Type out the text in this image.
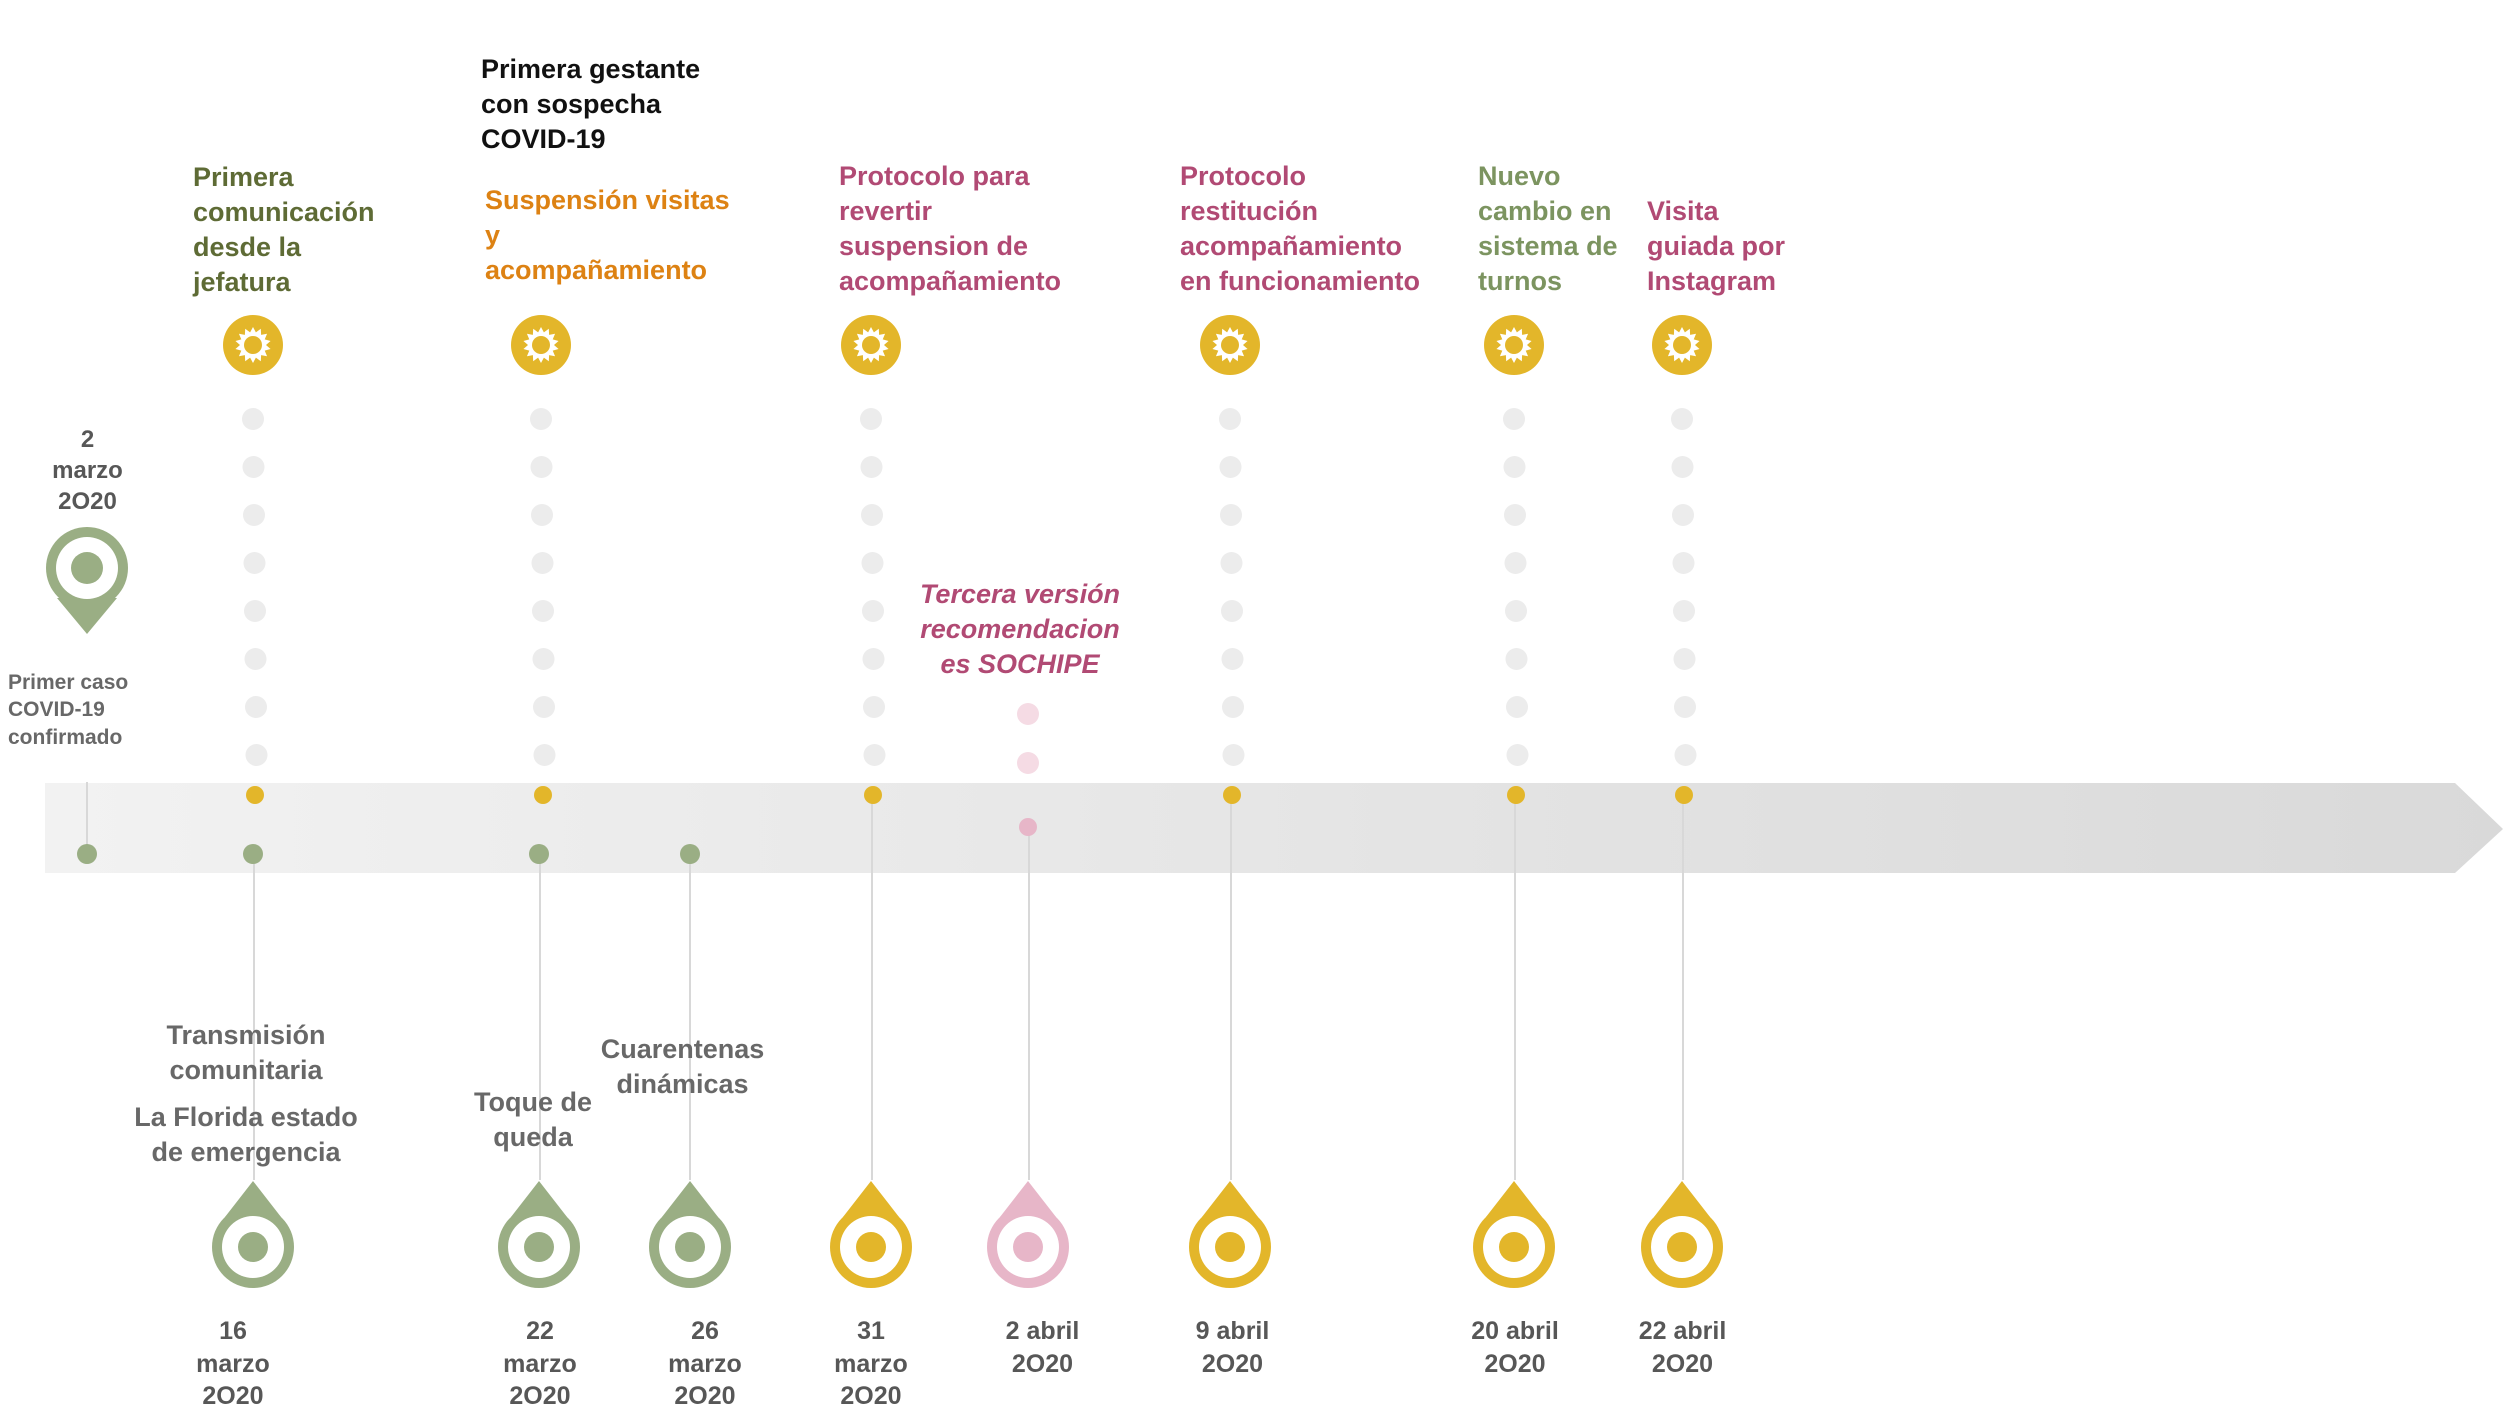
2
marzo
2O20
Primer caso
COVID-19
confirmado
Primera
comunicación
desde la
jefatura
Primera gestante
con sospecha
COVID-19
Suspensión visitas
y
acompañamiento
Protocolo para
revertir
suspension de
acompañamiento
Protocolo
restitución
acompañamiento
en funcionamiento
Nuevo
cambio en
sistema de
turnos
Visita
guiada por
Instagram
Tercera versión
recomendacion
es SOCHIPE
Transmisión
comunitaria
La Florida estado
de emergencia
Toque de
queda
Cuarentenas
dinámicas
16
marzo
2O20
22
marzo
2O20
26
marzo
2O20
31
marzo
2O20
2 abril
2O20
9 abril
2O20
20 abril
2O20
22 abril
2O20
